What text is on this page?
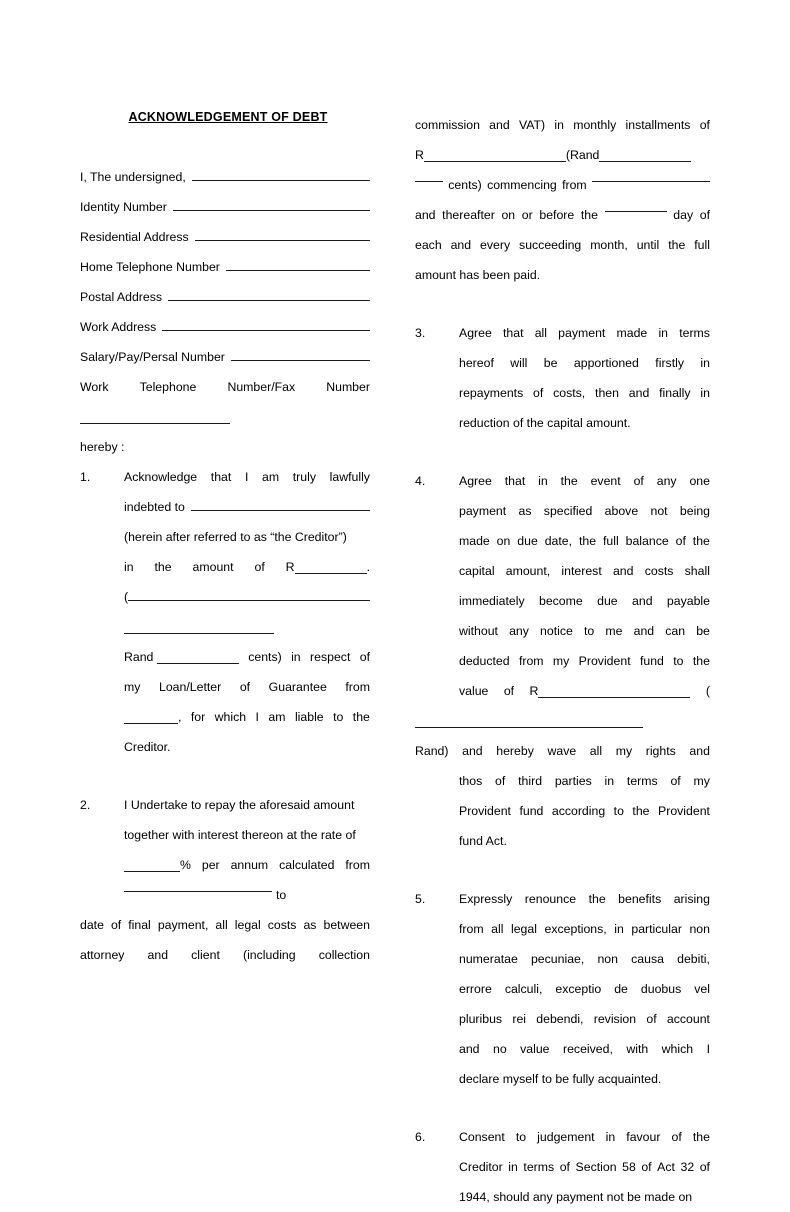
ACKNOWLEDGEMENT OF DEBT
I, The undersigned,
Identity Number
Residential Address
Home Telephone Number
Postal Address
Work Address
Salary/Pay/Persal Number
Work	Telephone	Number/Fax	Number
hereby :
1.	Acknowledge that I am truly lawfully
indebted to
(herein after referred to as “the Creditor”)
in the amount of R	.
(
Rand	cents) in respect of
my Loan/Letter of Guarantee from
, for which I am liable to the
Creditor.
2.	I Undertake to repay the aforesaid amount
together with interest thereon at the rate of
% per annum calculated from
to
date of final payment, all legal costs as between
attorney and client (including collection
commission and VAT) in monthly installments of
R	(Rand
cents) commencing from
and thereafter on or before the	day of
each and every succeeding month, until the full
amount has been paid.
3.	Agree that all payment made in terms
hereof will be apportioned firstly in
repayments of costs, then and finally in
reduction of the capital amount.
4.	Agree that in the event of any one
payment as specified above not being
made on due date, the full balance of the
capital amount, interest and costs shall
immediately become due and payable
without any notice to me and can be
deducted from my Provident fund to the
value of R	(
Rand) and hereby wave all my rights and
thos of third parties in terms of my
Provident fund according to the Provident
fund Act.
5.	Expressly renounce the benefits arising
from all legal exceptions, in particular non
numeratae pecuniae, non causa debiti,
errore calculi, exceptio de duobus vel
pluribus rei debendi, revision of account
and no value received, with which I
declare myself to be fully acquainted.
6.	Consent to judgement in favour of the
Creditor in terms of Section 58 of Act 32 of
1944, should any payment not be made on
